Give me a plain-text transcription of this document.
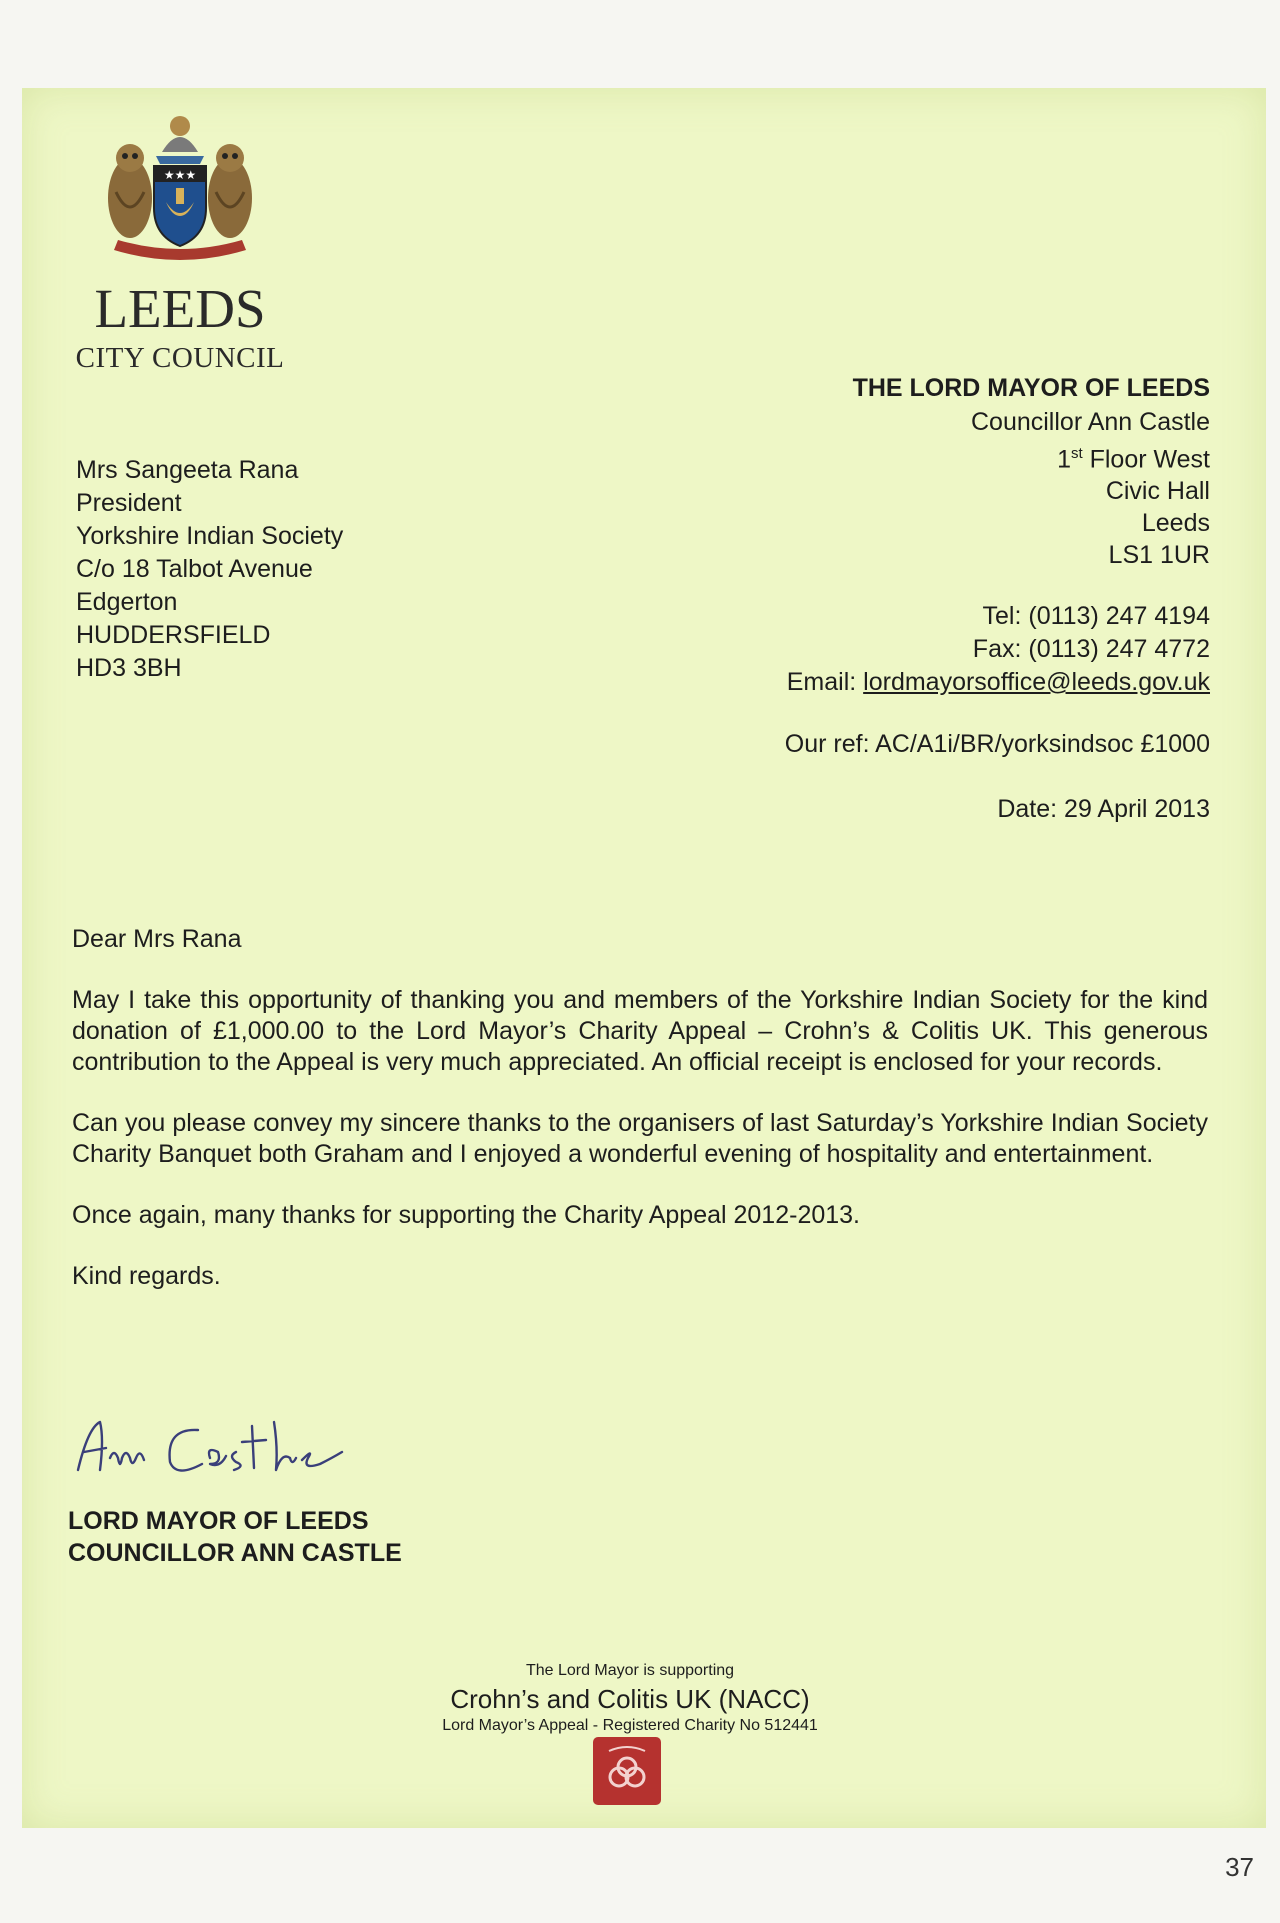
★★★
LEEDS
CITY COUNCIL
THE LORD MAYOR OF LEEDS
Councillor Ann Castle
1st Floor West
Civic Hall
Leeds
LS1 1UR
Tel: (0113) 247 4194
Fax: (0113) 247 4772
Email: lordmayorsoffice@leeds.gov.uk
Our ref: AC/A1i/BR/yorksindsoc £1000
Date: 29 April 2013
Mrs Sangeeta Rana
President
Yorkshire Indian Society
C/o 18 Talbot Avenue
Edgerton
HUDDERSFIELD
HD3 3BH

Dear Mrs Rana

May I take this opportunity of thanking you and members of the Yorkshire Indian Society for the kind donation of £1,000.00 to the Lord Mayor’s Charity Appeal – Crohn’s & Colitis UK. This generous contribution to the Appeal is very much appreciated. An official receipt is enclosed for your records.

Can you please convey my sincere thanks to the organisers of last Saturday’s Yorkshire Indian Society Charity Banquet both Graham and I enjoyed a wonderful evening of hospitality and entertainment.

Once again, many thanks for supporting the Charity Appeal 2012-2013.

Kind regards.

LORD MAYOR OF LEEDS
COUNCILLOR ANN CASTLE
The Lord Mayor is supporting
Crohn’s and Colitis UK (NACC)
Lord Mayor’s Appeal - Registered Charity No 512441
37
